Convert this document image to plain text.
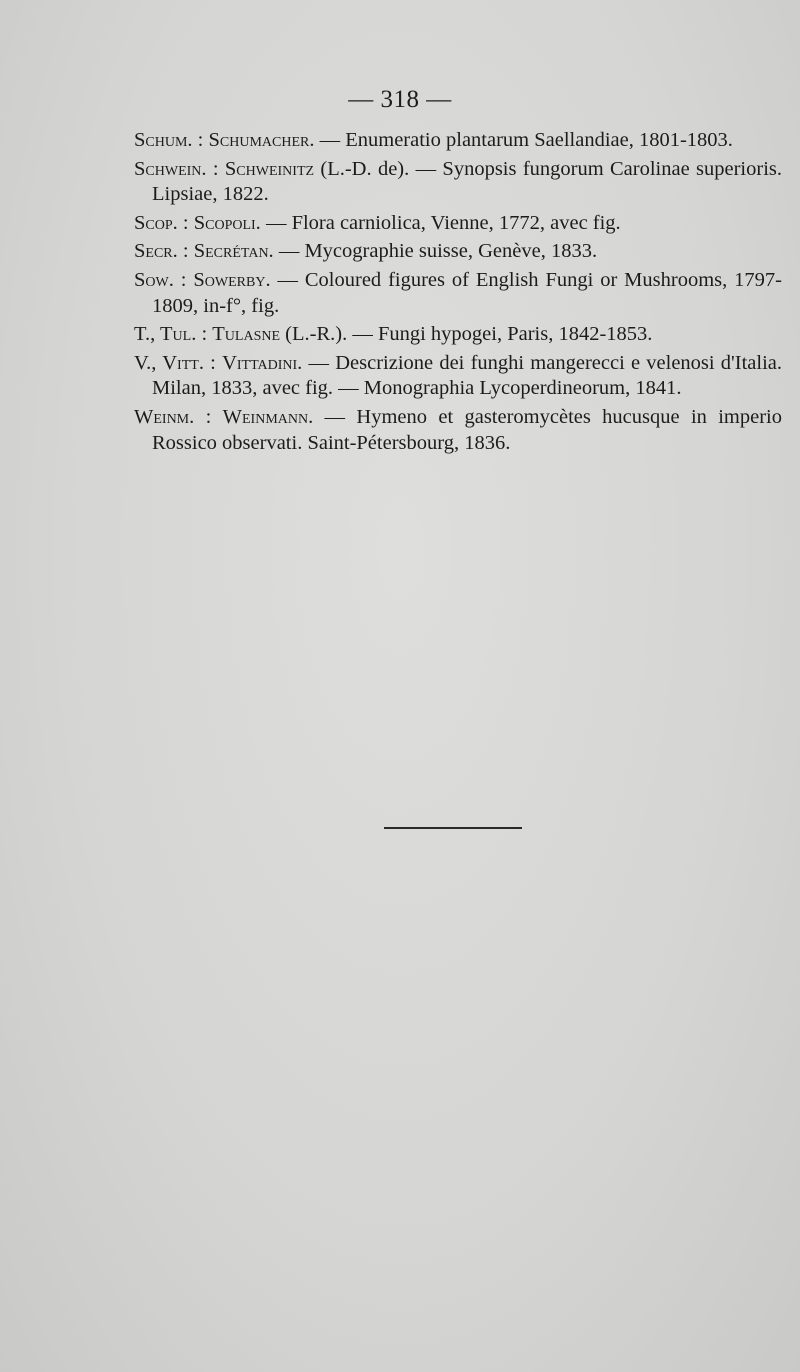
— 318 —

Schum. : Schumacher. — Enumeratio plantarum Saellandiae, 1801-1803.

Schwein. : Schweinitz (L.-D. de). — Synopsis fungorum Carolinae superioris. Lipsiae, 1822.

Scop. : Scopoli. — Flora carniolica, Vienne, 1772, avec fig.

Secr. : Secrétan. — Mycographie suisse, Genève, 1833.

Sow. : Sowerby. — Coloured figures of English Fungi or Mushrooms, 1797-1809, in-f°, fig.

T., Tul. : Tulasne (L.-R.). — Fungi hypogei, Paris, 1842-1853.

V., Vitt. : Vittadini. — Descrizione dei funghi mangerecci e velenosi d'Italia. Milan, 1833, avec fig. — Monographia Lycoperdineorum, 1841.

Weinm. : Weinmann. — Hymeno et gasteromycètes hucusque in imperio Rossico observati. Saint-Pétersbourg, 1836.
